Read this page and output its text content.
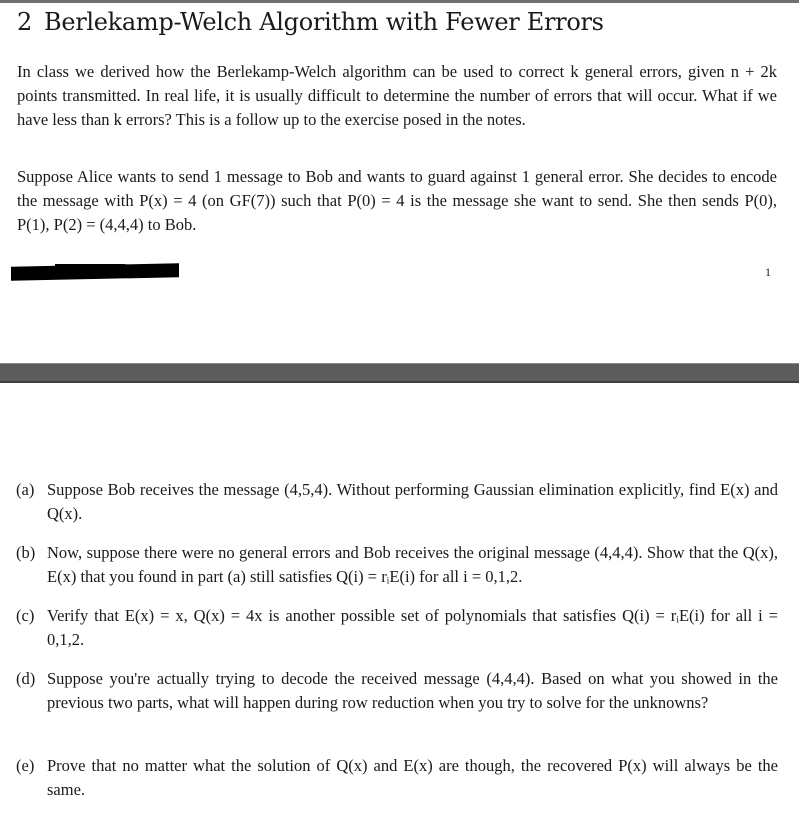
2 Berlekamp-Welch Algorithm with Fewer Errors

In class we derived how the Berlekamp-Welch algorithm can be used to correct k general errors, given n + 2k points transmitted. In real life, it is usually difficult to determine the number of errors that will occur. What if we have less than k errors? This is a follow up to the exercise posed in the notes.

Suppose Alice wants to send 1 message to Bob and wants to guard against 1 general error. She decides to encode the message with P(x) = 4 (on GF(7)) such that P(0) = 4 is the message she want to send. She then sends P(0), P(1), P(2) = (4,4,4) to Bob.

1
(a) Suppose Bob receives the message (4,5,4). Without performing Gaussian elimination explicitly, find E(x) and Q(x).
(b) Now, suppose there were no general errors and Bob receives the original message (4,4,4). Show that the Q(x), E(x) that you found in part (a) still satisfies Q(i) = rᵢE(i) for all i = 0,1,2.
(c) Verify that E(x) = x, Q(x) = 4x is another possible set of polynomials that satisfies Q(i) = rᵢE(i) for all i = 0,1,2.
(d) Suppose you're actually trying to decode the received message (4,4,4). Based on what you showed in the previous two parts, what will happen during row reduction when you try to solve for the unknowns?
(e) Prove that no matter what the solution of Q(x) and E(x) are though, the recovered P(x) will always be the same.
